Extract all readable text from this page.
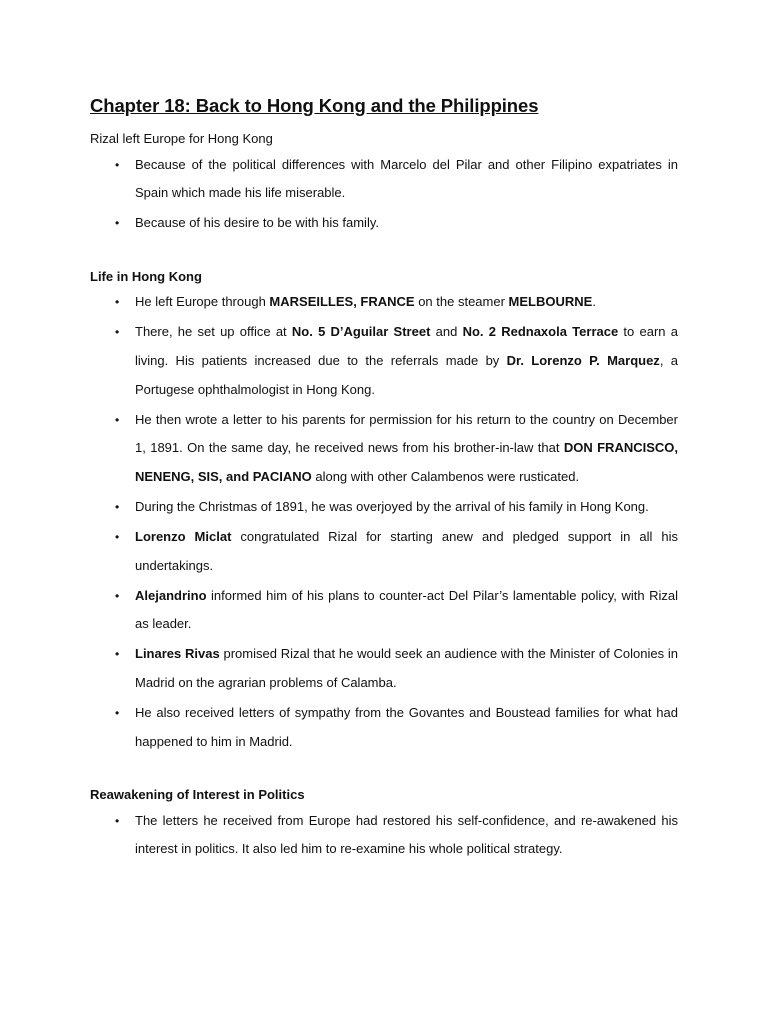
Chapter 18: Back to Hong Kong and the Philippines

Rizal left Europe for Hong Kong

• Because of the political differences with Marcelo del Pilar and other Filipino expatriates in Spain which made his life miserable.
• Because of his desire to be with his family.

Life in Hong Kong

• He left Europe through MARSEILLES, FRANCE on the steamer MELBOURNE.
• There, he set up office at No. 5 D’Aguilar Street and No. 2 Rednaxola Terrace to earn a living. His patients increased due to the referrals made by Dr. Lorenzo P. Marquez, a Portugese ophthalmologist in Hong Kong.
• He then wrote a letter to his parents for permission for his return to the country on December 1, 1891. On the same day, he received news from his brother-in-law that DON FRANCISCO, NENENG, SIS, and PACIANO along with other Calambenos were rusticated.
• During the Christmas of 1891, he was overjoyed by the arrival of his family in Hong Kong.
• Lorenzo Miclat congratulated Rizal for starting anew and pledged support in all his undertakings.
• Alejandrino informed him of his plans to counter-act Del Pilar’s lamentable policy, with Rizal as leader.
• Linares Rivas promised Rizal that he would seek an audience with the Minister of Colonies in Madrid on the agrarian problems of Calamba.
• He also received letters of sympathy from the Govantes and Boustead families for what had happened to him in Madrid.

Reawakening of Interest in Politics

• The letters he received from Europe had restored his self-confidence, and re-awakened his interest in politics. It also led him to re-examine his whole political strategy.
